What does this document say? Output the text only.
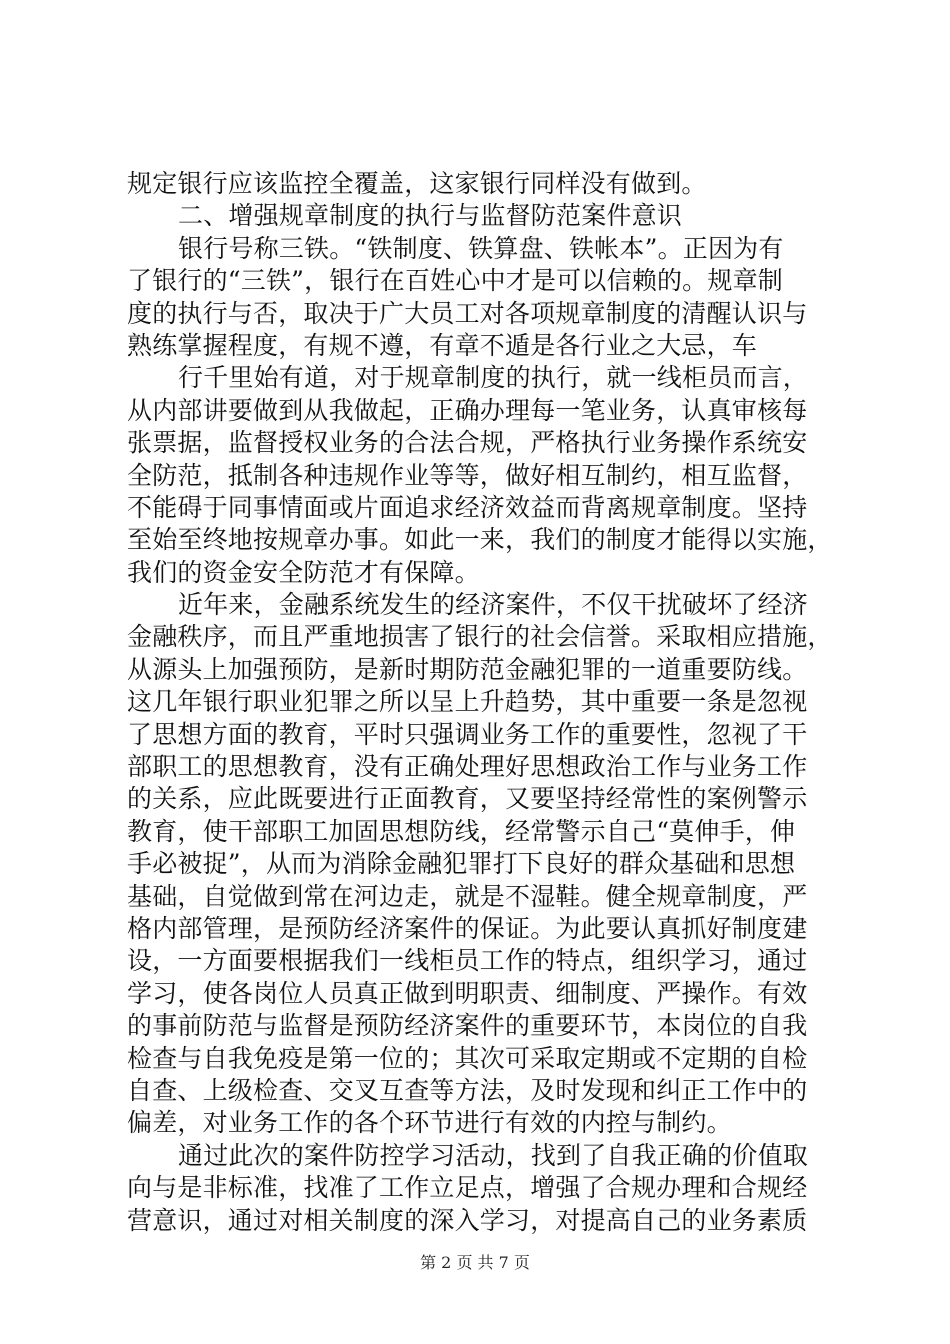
规定银行应该监控全覆盖，这家银行同样没有做到。
二、增强规章制度的执行与监督防范案件意识
银行号称三铁。“铁制度、铁算盘、铁帐本”。正因为有
了银行的“三铁”，银行在百姓心中才是可以信赖的。规章制
度的执行与否，取决于广大员工对各项规章制度的清醒认识与
熟练掌握程度，有规不遵，有章不遁是各行业之大忌，车
行千里始有道，对于规章制度的执行，就一线柜员而言，
从内部讲要做到从我做起，正确办理每一笔业务，认真审核每
张票据，监督授权业务的合法合规，严格执行业务操作系统安
全防范，抵制各种违规作业等等，做好相互制约，相互监督，
不能碍于同事情面或片面追求经济效益而背离规章制度。坚持
至始至终地按规章办事。如此一来，我们的制度才能得以实施，
我们的资金安全防范才有保障。
近年来，金融系统发生的经济案件，不仅干扰破坏了经济
金融秩序，而且严重地损害了银行的社会信誉。采取相应措施，
从源头上加强预防，是新时期防范金融犯罪的一道重要防线。
这几年银行职业犯罪之所以呈上升趋势，其中重要一条是忽视
了思想方面的教育，平时只强调业务工作的重要性，忽视了干
部职工的思想教育，没有正确处理好思想政治工作与业务工作
的关系，应此既要进行正面教育，又要坚持经常性的案例警示
教育，使干部职工加固思想防线，经常警示自己“莫伸手，伸
手必被捉”，从而为消除金融犯罪打下良好的群众基础和思想
基础，自觉做到常在河边走，就是不湿鞋。健全规章制度，严
格内部管理，是预防经济案件的保证。为此要认真抓好制度建
设，一方面要根据我们一线柜员工作的特点，组织学习，通过
学习，使各岗位人员真正做到明职责、细制度、严操作。有效
的事前防范与监督是预防经济案件的重要环节，本岗位的自我
检查与自我免疫是第一位的；其次可采取定期或不定期的自检
自查、上级检查、交叉互查等方法，及时发现和纠正工作中的
偏差，对业务工作的各个环节进行有效的内控与制约。
通过此次的案件防控学习活动，找到了自我正确的价值取
向与是非标准，找准了工作立足点，增强了合规办理和合规经
营意识，通过对相关制度的深入学习，对提高自己的业务素质
第 2 页 共 7 页
